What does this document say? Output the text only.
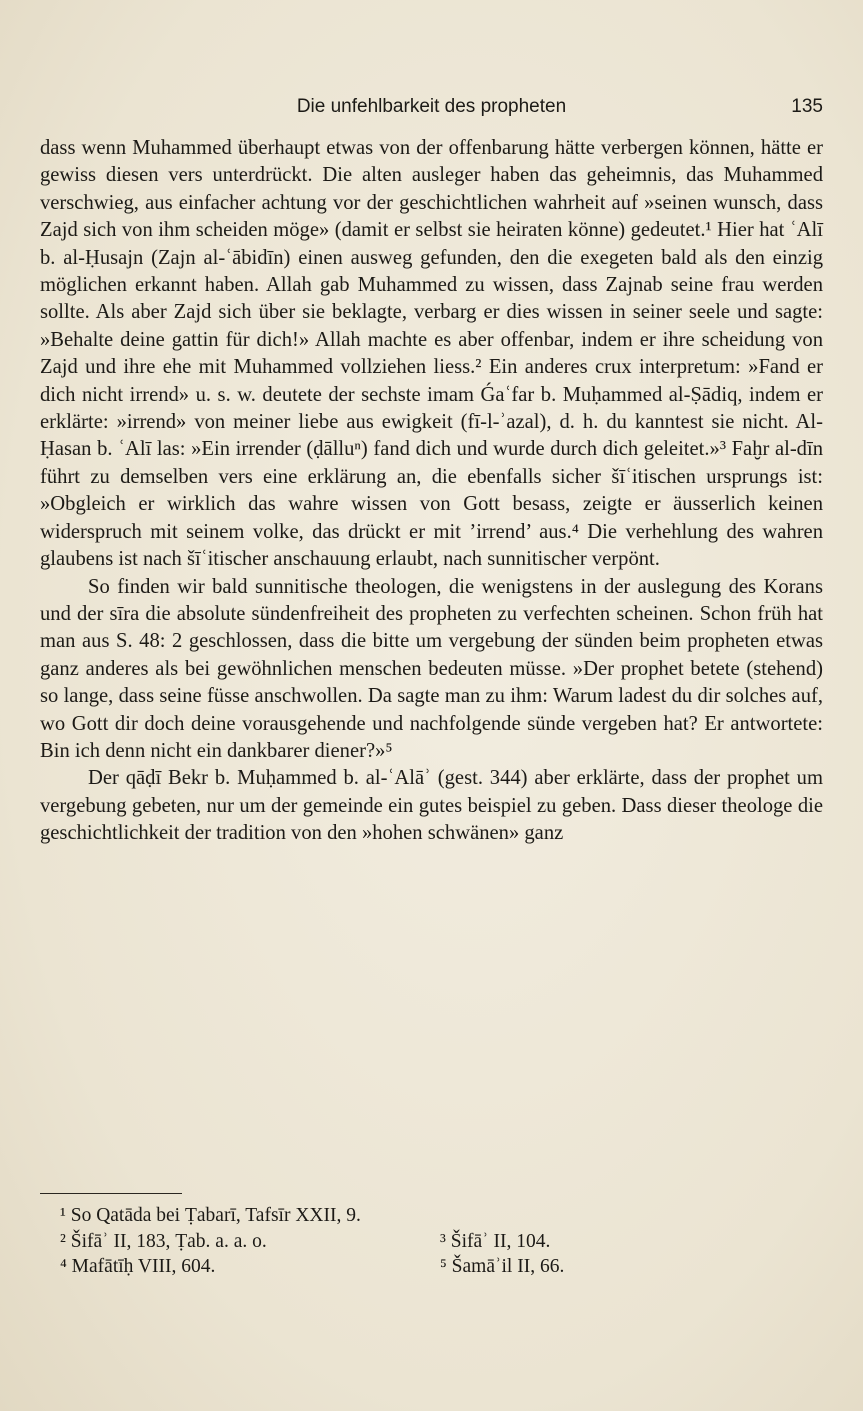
Die unfehlbarkeit des propheten	135

dass wenn Muhammed überhaupt etwas von der offenbarung hätte verbergen können, hätte er gewiss diesen vers unterdrückt. Die alten ausleger haben das geheimnis, das Muhammed verschwieg, aus einfacher achtung vor der geschichtlichen wahrheit auf »seinen wunsch, dass Zajd sich von ihm scheiden möge» (damit er selbst sie heiraten könne) gedeutet.¹ Hier hat ʿAlī b. al-Ḥusajn (Zajn al-ʿābidīn) einen ausweg gefunden, den die exegeten bald als den einzig möglichen erkannt haben. Allah gab Muhammed zu wissen, dass Zajnab seine frau werden sollte. Als aber Zajd sich über sie beklagte, verbarg er dies wissen in seiner seele und sagte: »Behalte deine gattin für dich!» Allah machte es aber offenbar, indem er ihre scheidung von Zajd und ihre ehe mit Muhammed vollziehen liess.² Ein anderes crux interpretum: »Fand er dich nicht irrend» u. s. w. deutete der sechste imam Ǵaʿfar b. Muḥammed al-Ṣādiq, indem er erklärte: »irrend» von meiner liebe aus ewigkeit (fī-l-ʾazal), d. h. du kanntest sie nicht. Al-Ḥasan b. ʿAlī las: »Ein irrender (ḍālluⁿ) fand dich und wurde durch dich geleitet.»³ Faḫr al-dīn führt zu demselben vers eine erklärung an, die ebenfalls sicher šīʿitischen ursprungs ist: »Obgleich er wirklich das wahre wissen von Gott besass, zeigte er äusserlich keinen widerspruch mit seinem volke, das drückt er mit ’irrend’ aus.⁴ Die verhehlung des wahren glaubens ist nach šīʿitischer anschauung erlaubt, nach sunnitischer verpönt.

So finden wir bald sunnitische theologen, die wenigstens in der auslegung des Korans und der sīra die absolute sündenfreiheit des propheten zu verfechten scheinen. Schon früh hat man aus S. 48: 2 geschlossen, dass die bitte um vergebung der sünden beim propheten etwas ganz anderes als bei gewöhnlichen menschen bedeuten müsse. »Der prophet betete (stehend) so lange, dass seine füsse anschwollen. Da sagte man zu ihm: Warum ladest du dir solches auf, wo Gott dir doch deine vorausgehende und nachfolgende sünde vergeben hat? Er antwortete: Bin ich denn nicht ein dankbarer diener?»⁵

Der qāḍī Bekr b. Muḥammed b. al-ʿAlāʾ (gest. 344) aber erklärte, dass der prophet um vergebung gebeten, nur um der gemeinde ein gutes beispiel zu geben. Dass dieser theologe die geschichtlichkeit der tradition von den »hohen schwänen» ganz

¹ So Qatāda bei Ṭabarī, Tafsīr XXII, 9.
² Šifāʾ II, 183, Ṭab. a. a. o.	³ Šifāʾ II, 104.
⁴ Mafātīḥ VIII, 604.	⁵ Šamāʾil II, 66.
